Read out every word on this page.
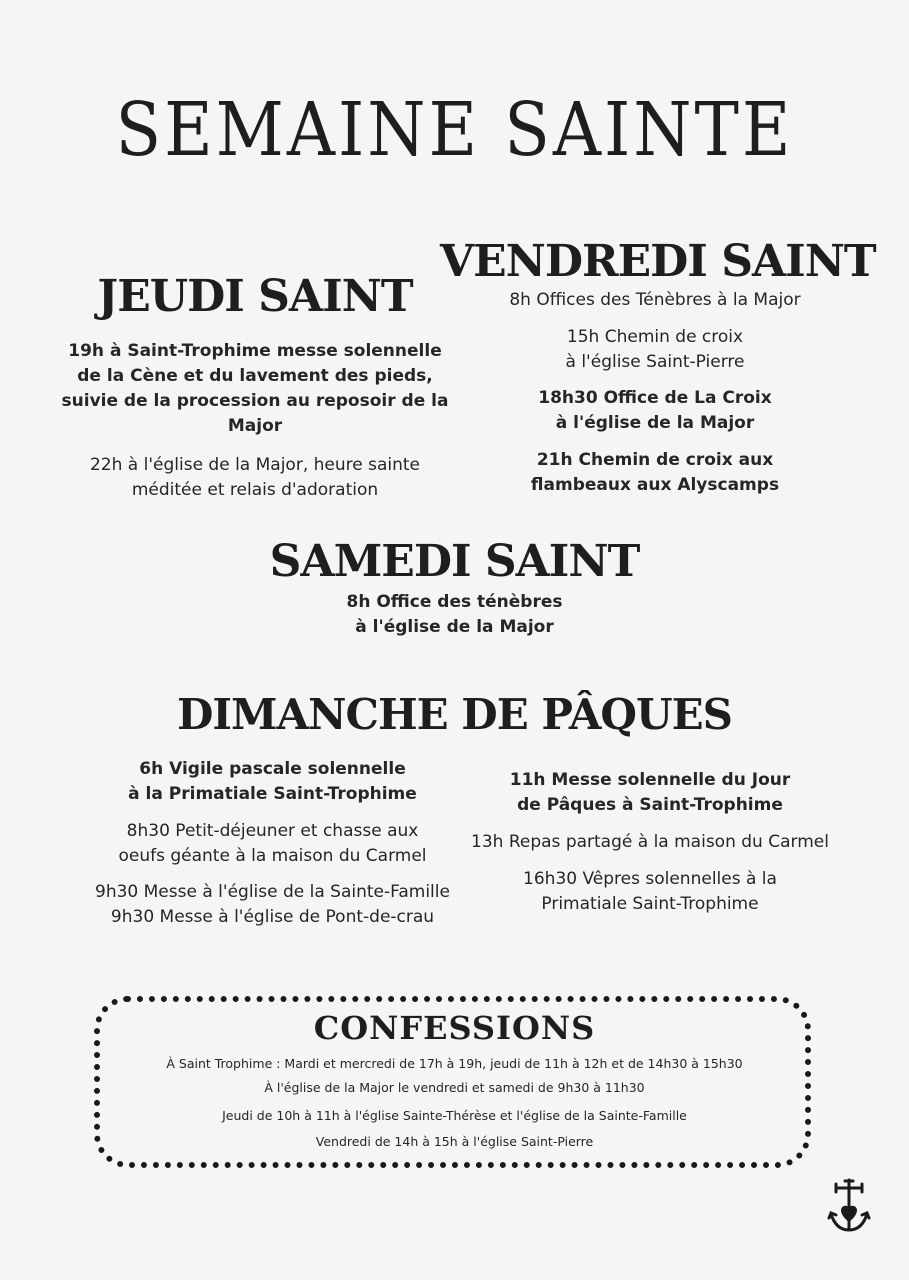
SEMAINE SAINTE
JEUDI SAINT
19h à Saint-Trophime messe solennelle
de la Cène et du lavement des pieds,
suivie de la procession au reposoir de la
Major
22h à l'église de la Major, heure sainte
méditée et relais d'adoration
VENDREDI SAINT
8h Offices des Ténèbres à la Major
15h Chemin de croix
à l'église Saint-Pierre
18h30 Office de La Croix
à l'église de la Major
21h Chemin de croix aux
flambeaux aux Alyscamps
SAMEDI SAINT
8h Office des ténèbres
à l'église de la Major
DIMANCHE DE PÂQUES
6h Vigile pascale solennelle
à la Primatiale Saint-Trophime
8h30 Petit-déjeuner et chasse aux
oeufs géante à la maison du Carmel
9h30 Messe à l'église de la Sainte-Famille
9h30 Messe à l'église de Pont-de-crau
11h Messe solennelle du Jour
de Pâques à Saint-Trophime
13h Repas partagé à la maison du Carmel
16h30 Vêpres solennelles à la
Primatiale Saint-Trophime
CONFESSIONS
À Saint Trophime : Mardi et mercredi de 17h à 19h, jeudi de 11h à 12h et de 14h30 à 15h30
À l'église de la Major le vendredi et samedi de 9h30 à 11h30
Jeudi de 10h à 11h à l'église Sainte-Thérèse et l'église de la Sainte-Famille
Vendredi de 14h à 15h à l'église Saint-Pierre
